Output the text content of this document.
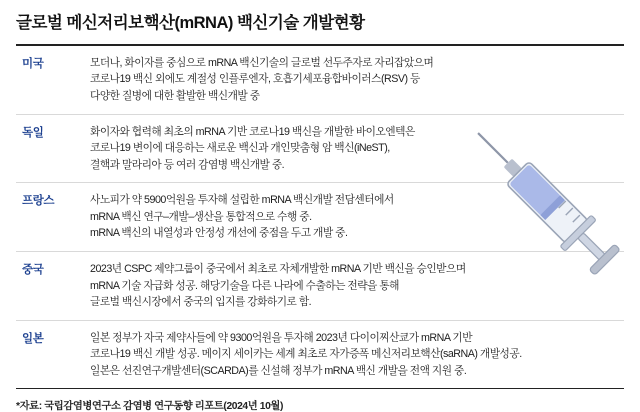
글로벌 메신저리보핵산(mRNA) 백신기술 개발현황
미국	모더나, 화이자를 중심으로 mRNA 백신기술의 글로벌 선두주자로 자리잡았으며

코로나19 백신 외에도 계절성 인플루엔자, 호흡기세포융합바이러스(RSV) 등

다양한 질병에 대한 활발한 백신개발 중

독일	화이자와 협력해 최초의 mRNA 기반 코로나19 백신을 개발한 바이오엔텍은

코로나19 변이에 대응하는 새로운 백신과 개인맞춤형 암 백신(iNeST),

결핵과 말라리아 등 여러 감염병 백신개발 중.

프랑스	사노피가 약 5900억원을 투자해 설립한 mRNA 백신개발 전담센터에서

mRNA 백신 연구–개발–생산을 통합적으로 수행 중.

mRNA 백신의 내열성과 안정성 개선에 중점을 두고 개발 중.

중국	2023년 CSPC 제약그룹이 중국에서 최초로 자체개발한 mRNA 기반 백신을 승인받으며

mRNA 기술 자급화 성공. 해당기술을 다른 나라에 수출하는 전략을 통해

글로벌 백신시장에서 중국의 입지를 강화하기로 함.

일본	일본 정부가 자국 제약사들에 약 9300억원을 투자해 2023년 다이이찌산쿄가 mRNA 기반

코로나19 백신 개발 성공. 메이지 세이카는 세계 최초로 자가증폭 메신저리보핵산(saRNA) 개발성공.

일본은 선진연구개발센터(SCARDA)를 신설해 정부가 mRNA 백신 개발을 전액 지원 중.

*자료: 국립감염병연구소 감염병 연구동향 리포트(2024년 10월)
